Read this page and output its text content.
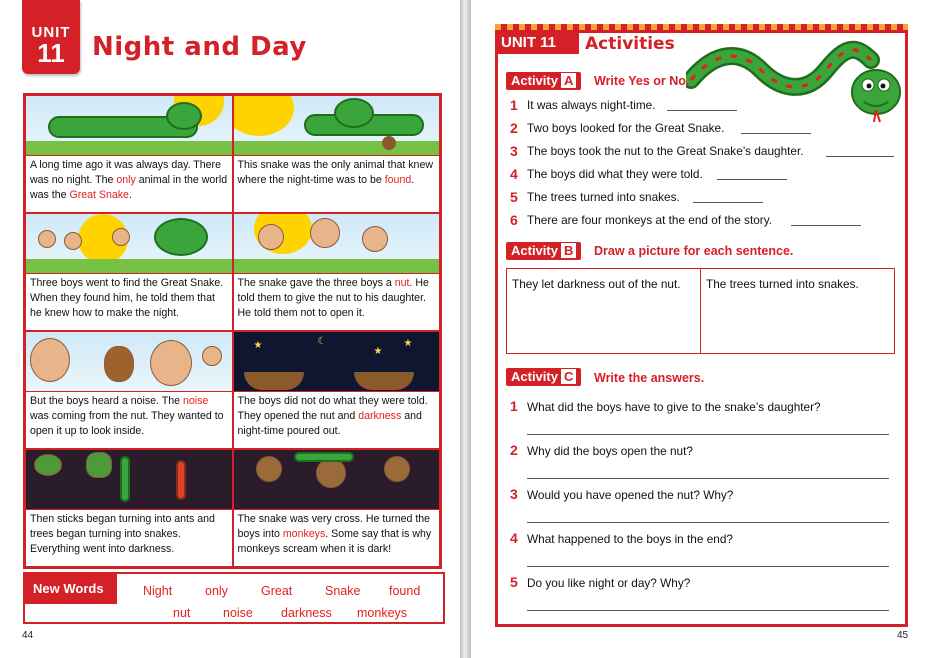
UNIT
11	Night and Day
A long time ago it was always day. There was no night. The only animal in the world was the Great Snake.
This snake was the only animal that knew where the night-time was to be found.
Three boys went to find the Great Snake. When they found him, he told them that he knew how to make the night.
The snake gave the three boys a nut. He told them to give the nut to his daughter. He told them not to open it.
But the boys heard a noise. The noise was coming from the nut. They wanted to open it up to look inside.
★	☾
★
★
The boys did not do what they were told. They opened the nut and darkness and night-time poured out.
Then sticks began turning into ants and trees began turning into snakes. Everything went into darkness.
The snake was very cross. He turned the boys into monkeys. Some say that is why monkeys scream when it is dark!
New Words	Night	only	Great	Snake found
nut	noise darkness monkeys
44
UNIT 11	Activities
Activity A	Write Yes or No.
1 It was always night-time.
2 Two boys looked for the Great Snake.
3 The boys took the nut to the Great Snake’s daughter.
4 The boys did what they were told.
5 The trees turned into snakes.
6 There are four monkeys at the end of the story.
Activity B	Draw a picture for each sentence.
They let darkness out of the nut.	The trees turned into snakes.
Activity C	Write the answers.
1 What did the boys have to give to the snake’s daughter?
2 Why did the boys open the nut?
3 Would you have opened the nut? Why?
4 What happened to the boys in the end?
5 Do you like night or day? Why?
45
